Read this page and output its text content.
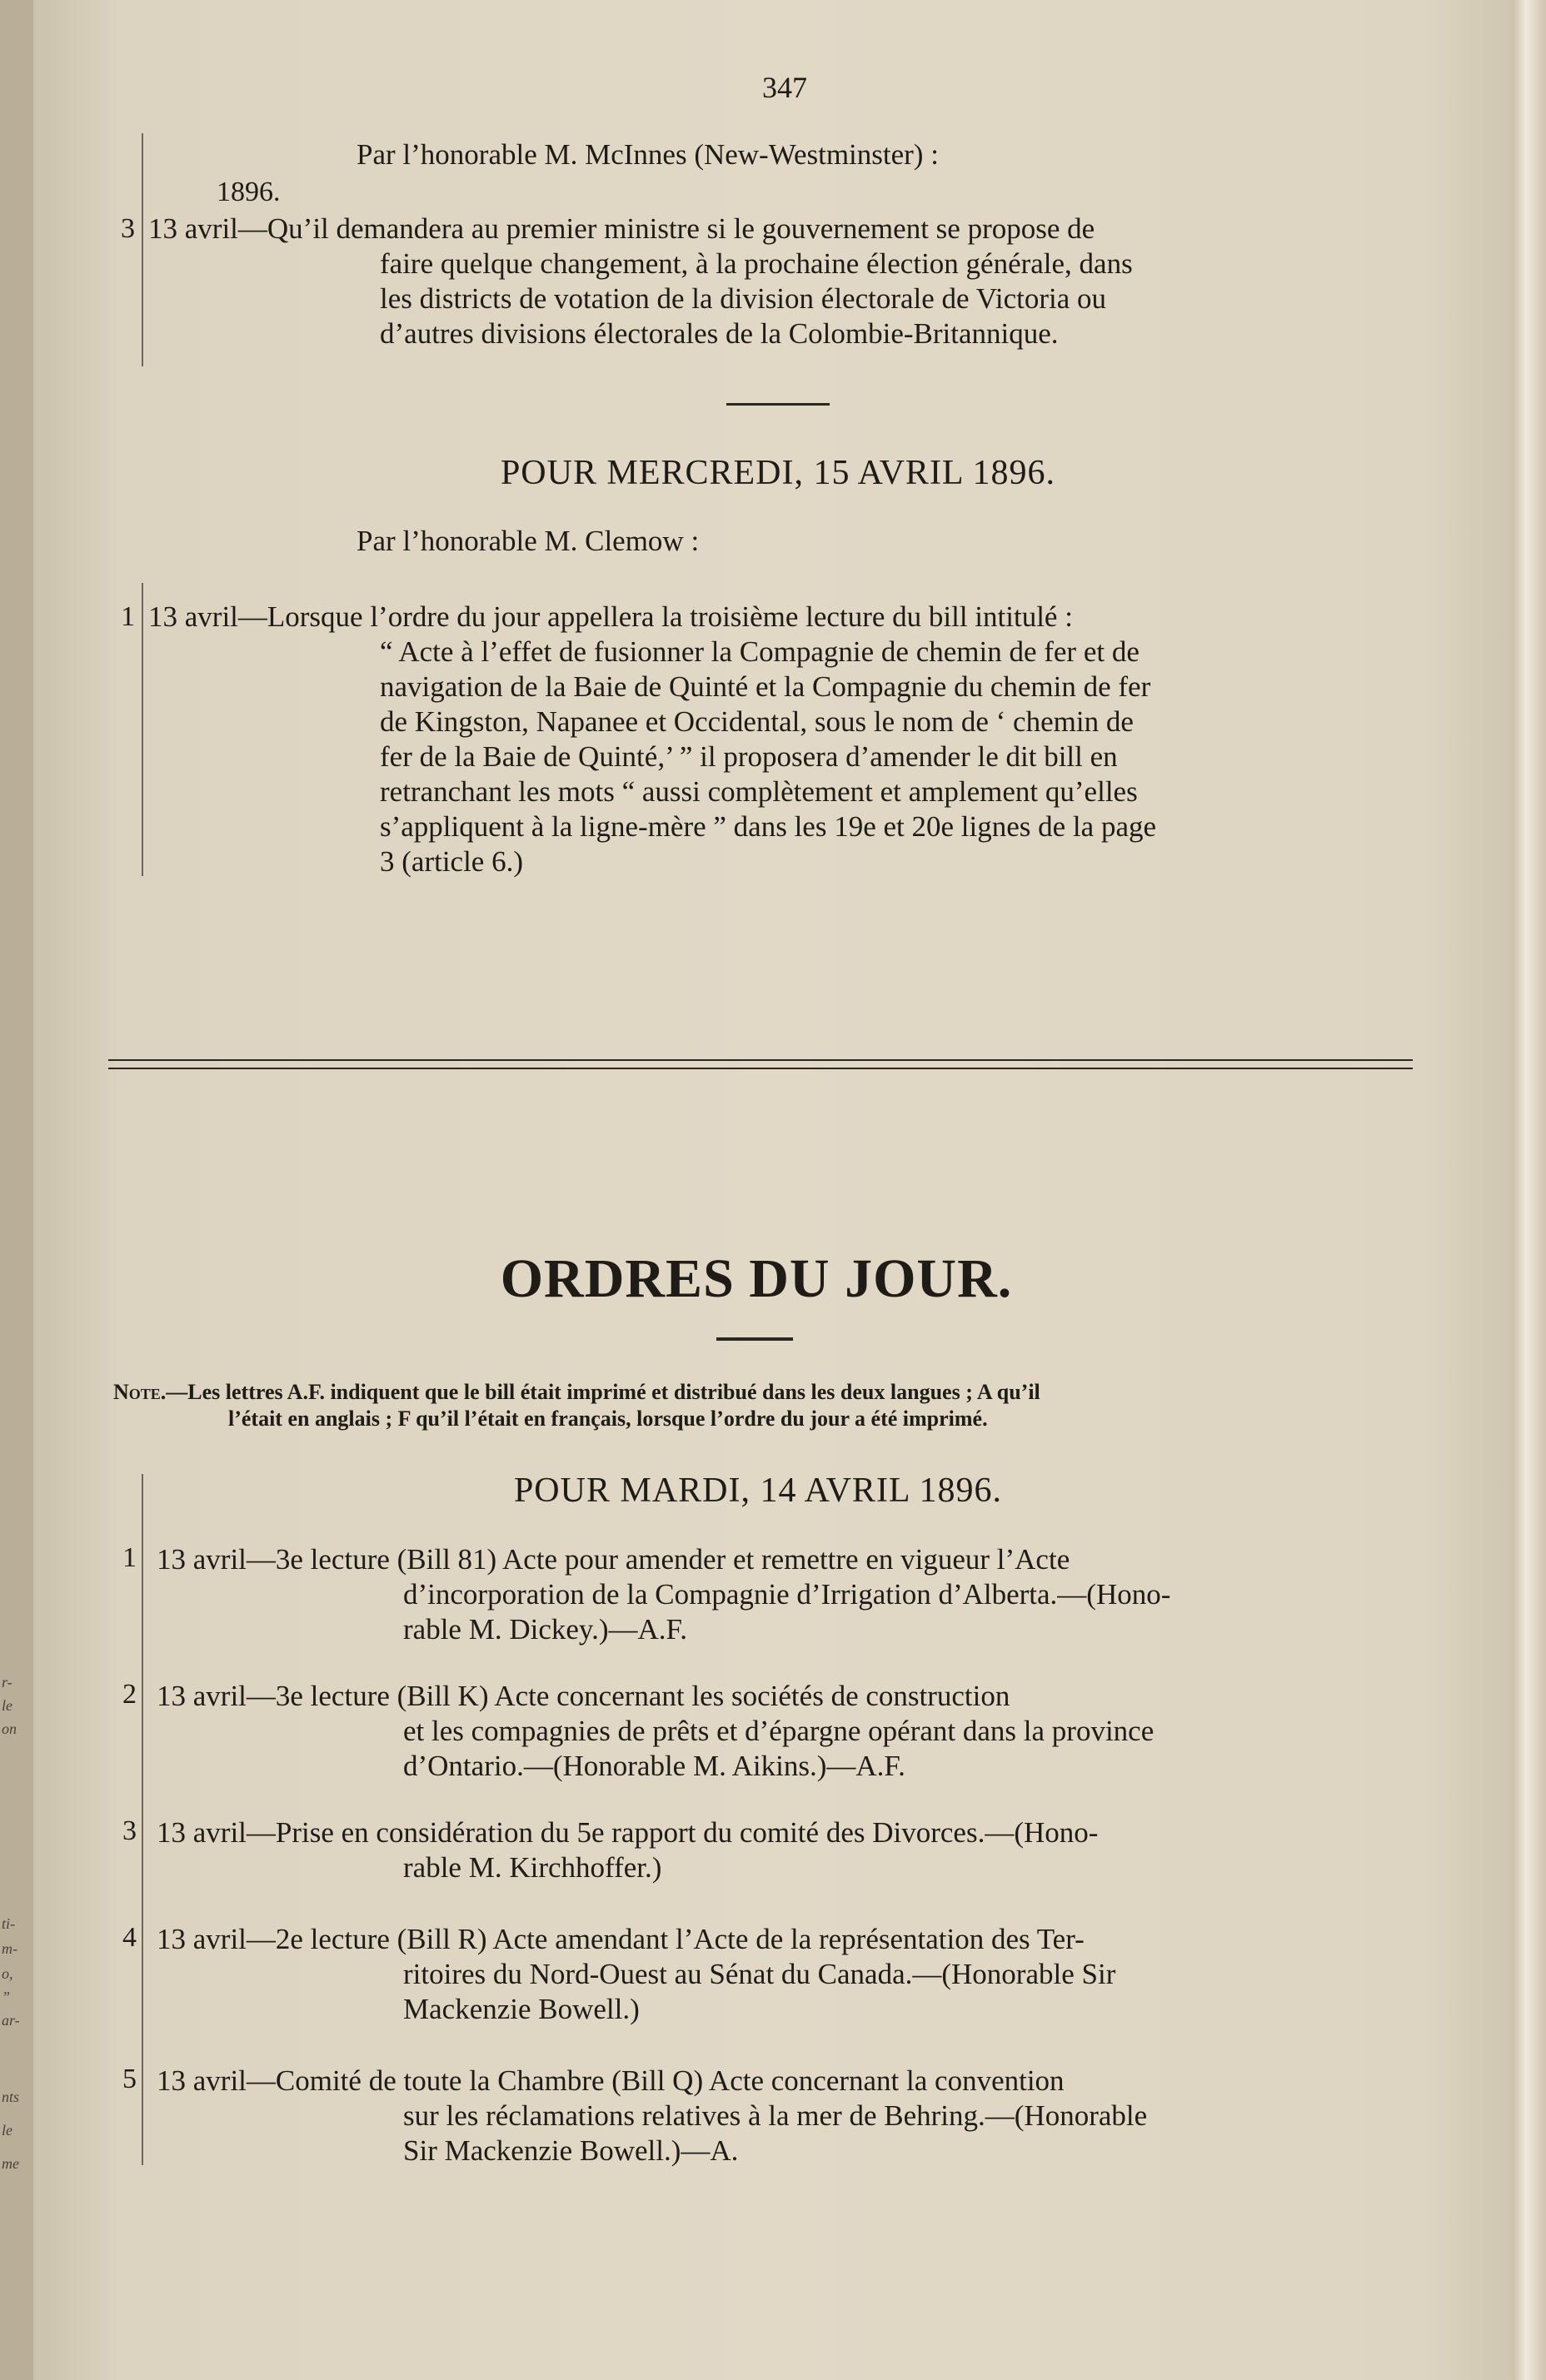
r-
le
on
ti-
m-
o,
”
ar-
nts
le
me
347
Par l’honorable M. McInnes (New-Westminster) :
1896.
3 13 avril—Qu’il demandera au premier ministre si le gouvernement se propose de
faire quelque changement, à la prochaine élection générale, dans
les districts de votation de la division électorale de Victoria ou
d’autres divisions électorales de la Colombie-Britannique.
POUR MERCREDI, 15 AVRIL 1896.
Par l’honorable M. Clemow :
1 13 avril—Lorsque l’ordre du jour appellera la troisième lecture du bill intitulé :
“ Acte à l’effet de fusionner la Compagnie de chemin de fer et de
navigation de la Baie de Quinté et la Compagnie du chemin de fer
de Kingston, Napanee et Occidental, sous le nom de ‘ chemin de
fer de la Baie de Quinté,’ ” il proposera d’amender le dit bill en
retranchant les mots “ aussi complètement et amplement qu’elles
s’appliquent à la ligne-mère ” dans les 19e et 20e lignes de la page
3 (article 6.)
ORDRES DU JOUR.
Note.—Les lettres A.F. indiquent que le bill était imprimé et distribué dans les deux langues ; A qu’il
l’était en anglais ; F qu’il l’était en français, lorsque l’ordre du jour a été imprimé.
POUR MARDI, 14 AVRIL 1896.
1 13 avril—3e lecture (Bill 81) Acte pour amender et remettre en vigueur l’Acte
d’incorporation de la Compagnie d’Irrigation d’Alberta.—(Hono-
rable M. Dickey.)—A.F.
2 13 avril—3e lecture (Bill K) Acte concernant les sociétés de construction
et les compagnies de prêts et d’épargne opérant dans la province
d’Ontario.—(Honorable M. Aikins.)—A.F.
3 13 avril—Prise en considération du 5e rapport du comité des Divorces.—(Hono-
rable M. Kirchhoffer.)
4 13 avril—2e lecture (Bill R) Acte amendant l’Acte de la représentation des Ter-
ritoires du Nord-Ouest au Sénat du Canada.—(Honorable Sir
Mackenzie Bowell.)
5 13 avril—Comité de toute la Chambre (Bill Q) Acte concernant la convention
sur les réclamations relatives à la mer de Behring.—(Honorable
Sir Mackenzie Bowell.)—A.
